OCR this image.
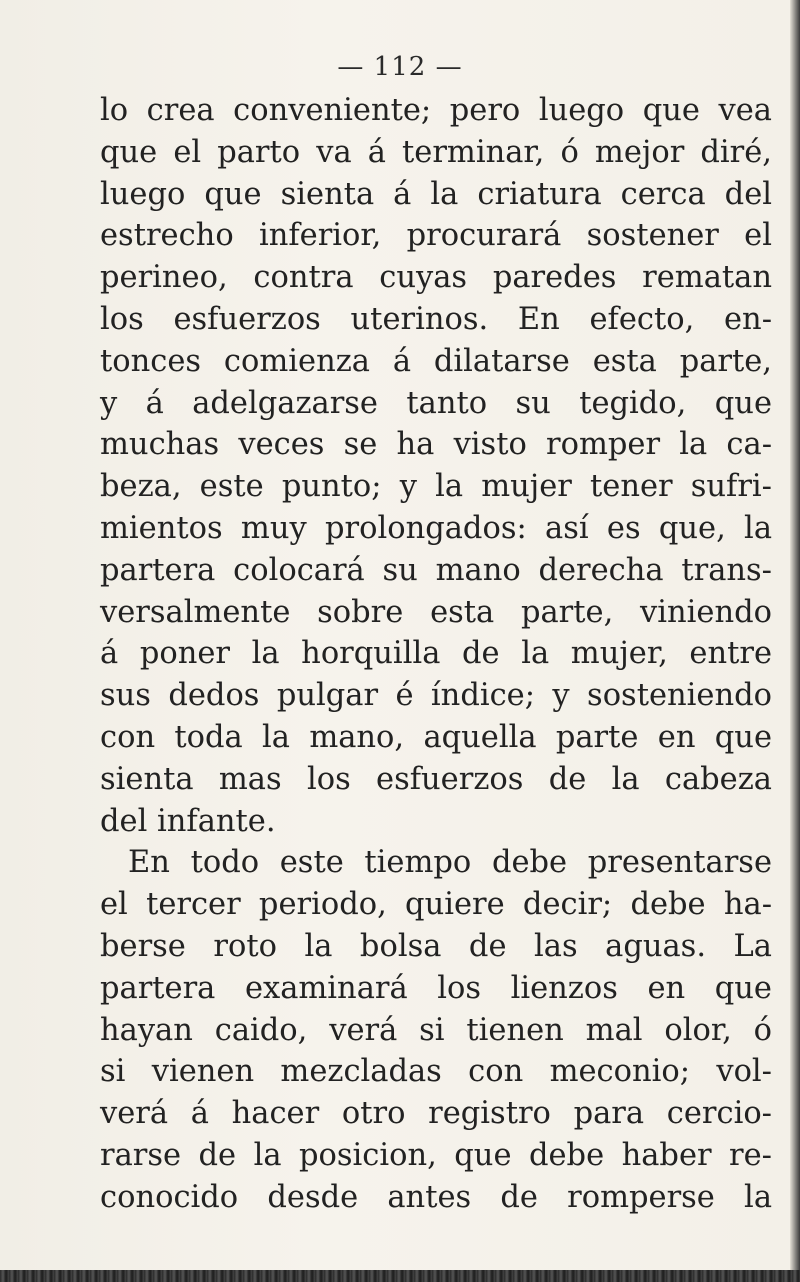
— 112 —
lo crea conveniente; pero luego que vea
que el parto va á terminar, ó mejor diré,
luego que sienta á la criatura cerca del
estrecho inferior, procurará sostener el
perineo, contra cuyas paredes rematan
los esfuerzos uterinos. En efecto, en-
tonces comienza á dilatarse esta parte,
y á adelgazarse tanto su tegido, que
muchas veces se ha visto romper la ca-
beza, este punto; y la mujer tener sufri-
mientos muy prolongados: así es que, la
partera colocará su mano derecha trans-
versalmente sobre esta parte, viniendo
á poner la horquilla de la mujer, entre
sus dedos pulgar é índice; y sosteniendo
con toda la mano, aquella parte en que
sienta mas los esfuerzos de la cabeza
del infante.
En todo este tiempo debe presentarse
el tercer periodo, quiere decir; debe ha-
berse roto la bolsa de las aguas. La
partera examinará los lienzos en que
hayan caido, verá si tienen mal olor, ó
si vienen mezcladas con meconio; vol-
verá á hacer otro registro para cercio-
rarse de la posicion, que debe haber re-
conocido desde antes de romperse la
